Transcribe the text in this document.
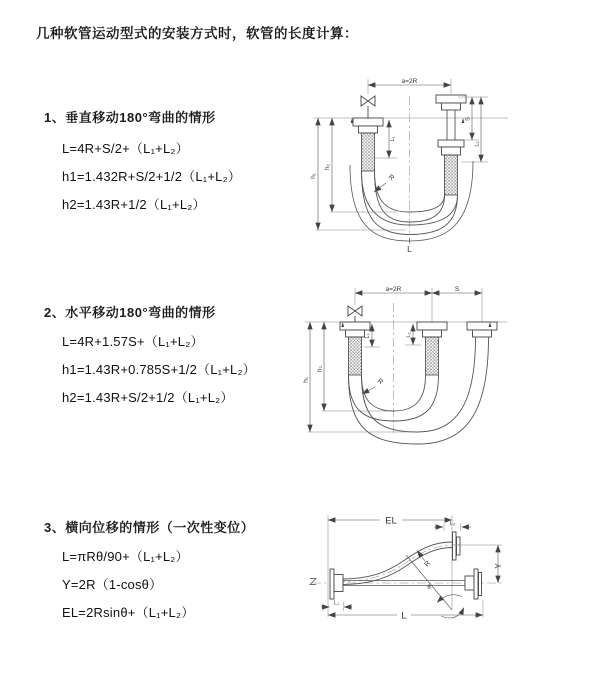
几种软管运动型式的安装方式时，软管的长度计算：
1、垂直移动180°弯曲的情形
L=4R+S/2+（L₁+L₂）
h1=1.432R+S/2+1/2（L₁+L₂）
h2=1.43R+1/2（L₁+L₂）
2、水平移动180°弯曲的情形
L=4R+1.57S+（L₁+L₂）
h1=1.43R+0.785S+1/2（L₁+L₂）
h2=1.43R+S/2+1/2（L₁+L₂）
3、横向位移的情形（一次性变位）
L=πRθ/90+（L₁+L₂）
Y=2R（1-cosθ）
EL=2Rsinθ+（L₁+L₂）
a=2R
h₁
h₂
L₁
S
L₂
R
L
a=2R	S
h₁
h₂
L₁	L₂
R
EL	L₂
Y
R
θ
L
L₁
